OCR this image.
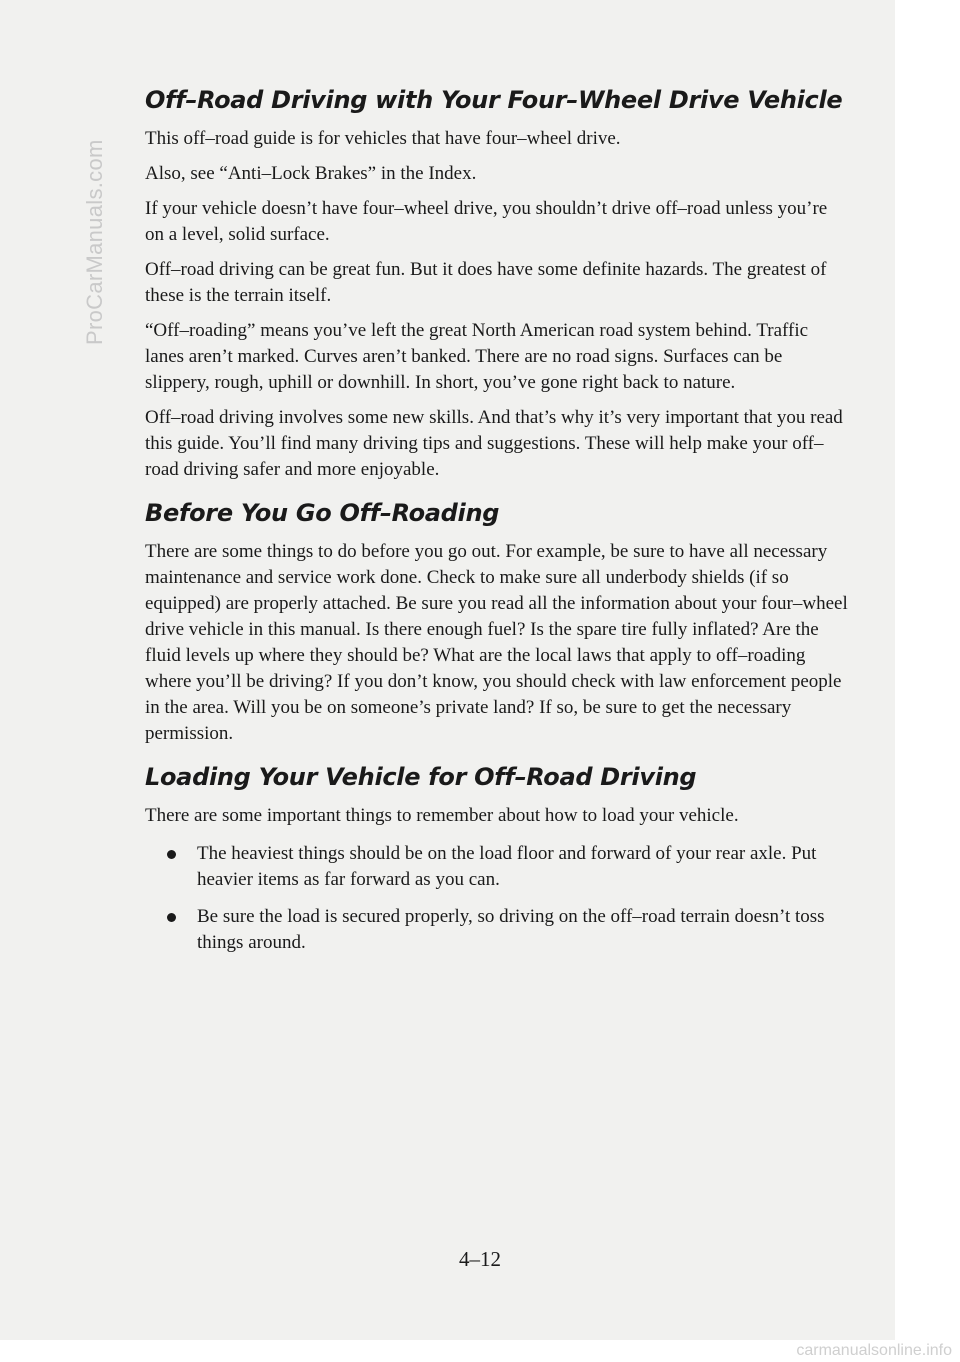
Off–Road Driving with Your Four–Wheel Drive Vehicle

This off–road guide is for vehicles that have four–wheel drive.

Also, see “Anti–Lock Brakes” in the Index.

If your vehicle doesn’t have four–wheel drive, you shouldn’t drive off–road unless you’re on a level, solid surface.

Off–road driving can be great fun. But it does have some definite hazards. The greatest of these is the terrain itself.

“Off–roading” means you’ve left the great North American road system behind. Traffic lanes aren’t marked. Curves aren’t banked. There are no road signs. Surfaces can be slippery, rough, uphill or downhill. In short, you’ve gone right back to nature.

Off–road driving involves some new skills. And that’s why it’s very important that you read this guide. You’ll find many driving tips and suggestions. These will help make your off–road driving safer and more enjoyable.

Before You Go Off–Roading

There are some things to do before you go out. For example, be sure to have all necessary maintenance and service work done. Check to make sure all underbody shields (if so equipped) are properly attached. Be sure you read all the information about your four–wheel drive vehicle in this manual. Is there enough fuel? Is the spare tire fully inflated? Are the fluid levels up where they should be? What are the local laws that apply to off–roading where you’ll be driving? If you don’t know, you should check with law enforcement people in the area. Will you be on someone’s private land? If so, be sure to get the necessary permission.

Loading Your Vehicle for Off–Road Driving

There are some important things to remember about how to load your vehicle.

The heaviest things should be on the load floor and forward of your rear axle. Put heavier items as far forward as you can.
Be sure the load is secured properly, so driving on the off–road terrain doesn’t toss things around.
ProCarManuals.com
4–12
carmanualsonline.info
